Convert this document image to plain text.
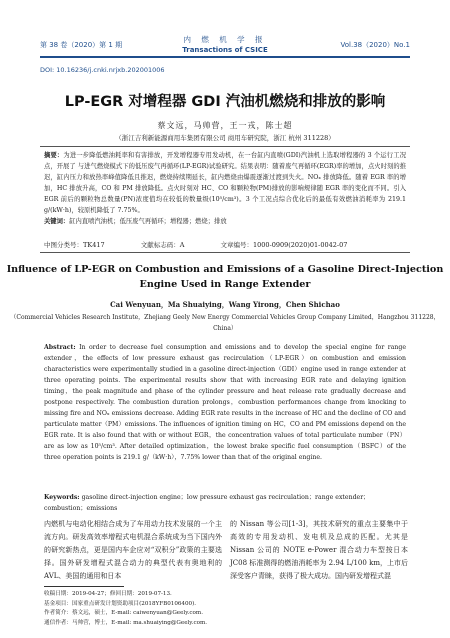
第 38 卷（2020）第 1 期
内 燃 机 学 报
Transactions of CSICE
Vol.38（2020）No.1
DOI: 10.16236/j.cnki.nrjxb.202001006
LP-EGR 对增程器 GDI 汽油机燃烧和排放的影响
蔡文远，马帅营，王一戎，陈士超
（浙江吉利新能源商用车集团有限公司 商用车研究院，浙江 杭州 311228）
摘要：为进一步降低燃油耗率和有害排放，开发增程器专用发动机，在一台缸内直喷(GDI)汽油机上选取增程器的 3 个运行工况点，开展了 与进气燃烧模式下的低压废气再循环(LP-EGR)试验研究。结果表明：随着废气再循环(EGR)率的增加，点火时刻的推迟，缸内压力和放热率峰值降低且推迟，燃烧持续期延长，缸内燃烧由爆震逐渐过渡到失火。NOₓ 排放降低。随着 EGR 率的增加，HC 排放升高，CO 和 PM 排放降低。点火时刻对 HC、CO 和颗粒物(PM)排放的影响规律随 EGR 率的变化而不同。引入 EGR 前后的颗粒物总数量(PN)浓度值均在较低的数量级(10⁵/cm³)。3 个工况点综合优化后的最低有效燃油消耗率为 219.1 g/(kW·h)，较原机降低了 7.75%。
关键词：缸内直喷汽油机；低压废气再循环；增程器；燃烧；排放
中图分类号：TK417	文献标志码：A	文章编号：1000-0909(2020)01-0042-07
Influence of LP-EGR on Combustion and Emissions of a Gasoline Direct-Injection Engine Used in Range Extender
Cai Wenyuan，Ma Shuaiying，Wang Yirong，Chen Shichao
（Commercial Vehicles Research Institute，Zhejiang Geely New Energy Commercial Vehicles Group Company Limited，Hangzhou 311228，China）
Abstract: In order to decrease fuel consumption and emissions and to develop the special engine for range extender，the effects of low pressure exhaust gas recirculation（LP-EGR）on combustion and emission characteristics were experimentally studied in a gasoline direct-injection（GDI）engine used in range extender at three operating points. The experimental results show that with increasing EGR rate and delaying ignition timing，the peak magnitude and phase of the cylinder pressure and heat release rate gradually decrease and postpone respectively. The combustion duration prolongs，combustion performances change from knocking to missing fire and NOₓ emissions decrease. Adding EGR rate results in the increase of HC and the decline of CO and particulate matter（PM）emissions. The influences of ignition timing on HC，CO and PM emissions depend on the EGR rate. It is also found that with or without EGR，the concentration values of total particulate number（PN）are as low as 10⁵/cm³. After detailed optimization，the lowest brake specific fuel consumption（BSFC）of the three operation points is 219.1 g/（kW·h），7.75% lower than that of the original engine.
Keywords: gasoline direct-injection engine；low pressure exhaust gas recirculation；range extender；combustion；emissions
内燃机与电动化相结合成为了车用动力技术发展的一个主流方向。研发高效率增程式电机混合系统成为当下国内外的研究新热点，更是国内车企应对“双积分”政策的主要选择。国外研发增程式混合动力的典型代表有奥地利的 AVL、美国的通用和日本
的 Nissan 等公司[1-3]，其技术研究的重点主要集中于高效的专用发动机、发电机及总成的匹配。尤其是Nissan 公司的 NOTE e-Power 混合动力车型按日本JC08 标准测得的燃油消耗率为 2.94 L/100 km，上市后深受客户青睐，获得了极大成功。国内研发增程式混
收稿日期：2019-04-27；修回日期：2019-07-13.
基金项目：国家重点研发计划资助项目(2018YFB0106400).
作者简介：蔡文远，硕士，E-mail: caiwenyuan@Geely.com.
通信作者：马帅营，博士，E-mail: ma.shuaiying@Geely.com.
